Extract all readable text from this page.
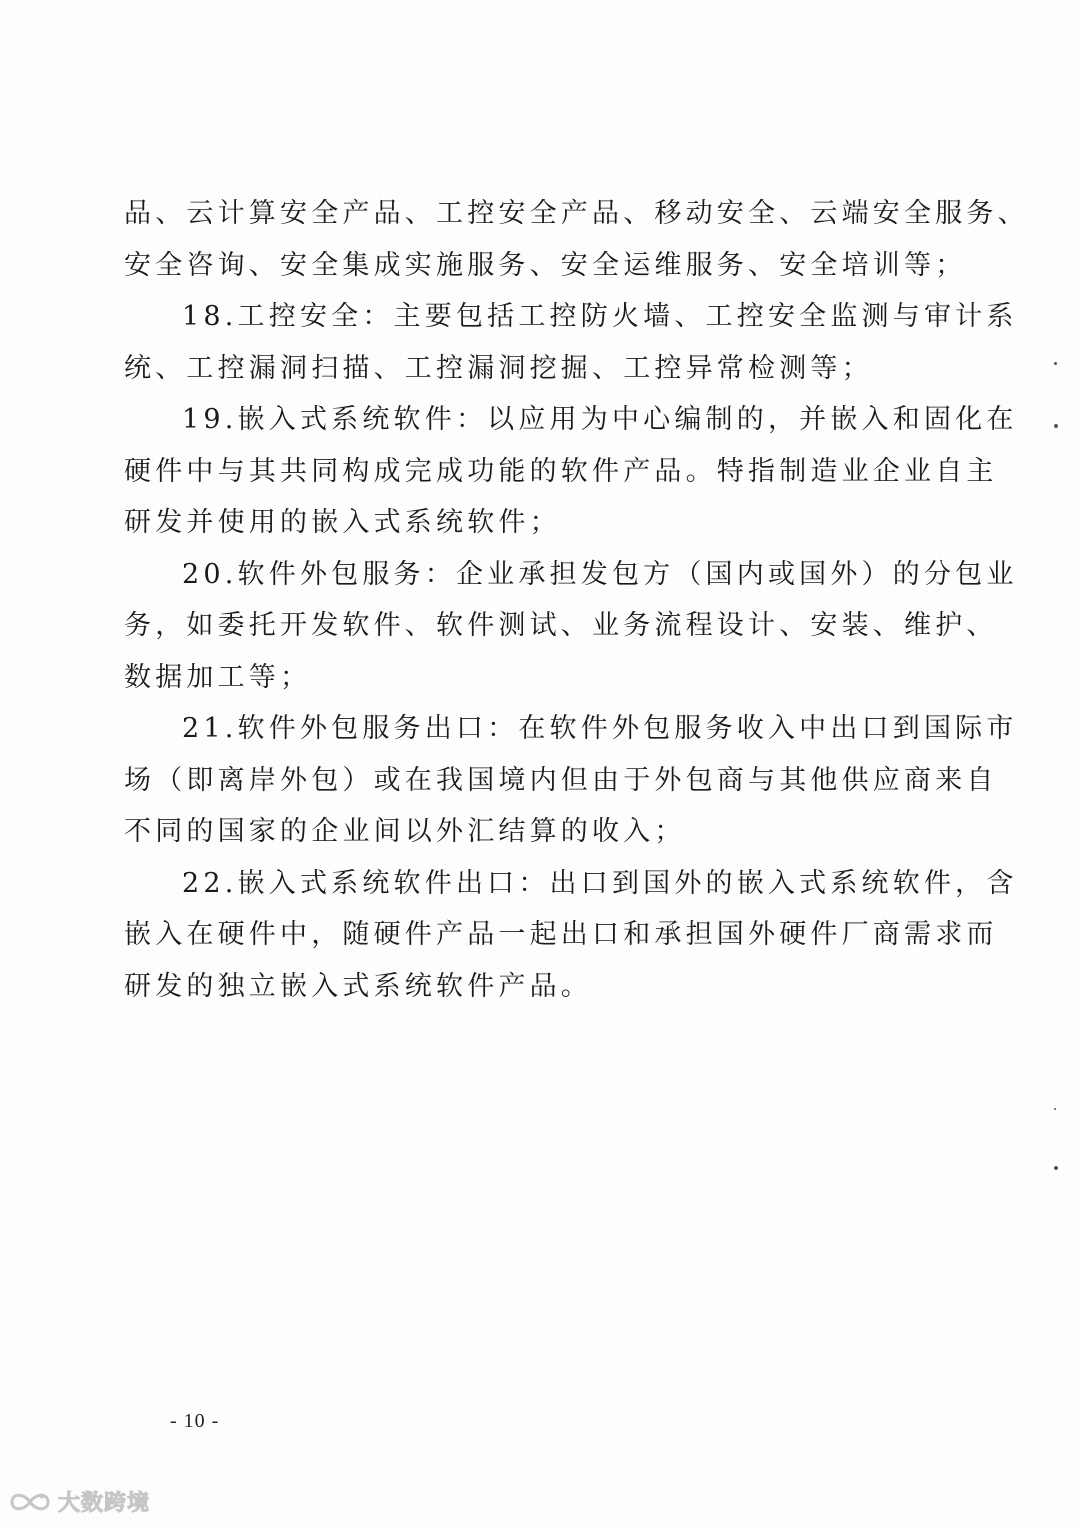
品、云计算安全产品、工控安全产品、移动安全、云端安全服务、
安全咨询、安全集成实施服务、安全运维服务、安全培训等；
18.工控安全：主要包括工控防火墙、工控安全监测与审计系
统、工控漏洞扫描、工控漏洞挖掘、工控异常检测等；
19.嵌入式系统软件：以应用为中心编制的，并嵌入和固化在
硬件中与其共同构成完成功能的软件产品。特指制造业企业自主
研发并使用的嵌入式系统软件；
20.软件外包服务：企业承担发包方（国内或国外）的分包业
务，如委托开发软件、软件测试、业务流程设计、安装、维护、
数据加工等；
21.软件外包服务出口：在软件外包服务收入中出口到国际市
场（即离岸外包）或在我国境内但由于外包商与其他供应商来自
不同的国家的企业间以外汇结算的收入；
22.嵌入式系统软件出口：出口到国外的嵌入式系统软件，含
嵌入在硬件中，随硬件产品一起出口和承担国外硬件厂商需求而
研发的独立嵌入式系统软件产品。
- 10 -
大数跨境
